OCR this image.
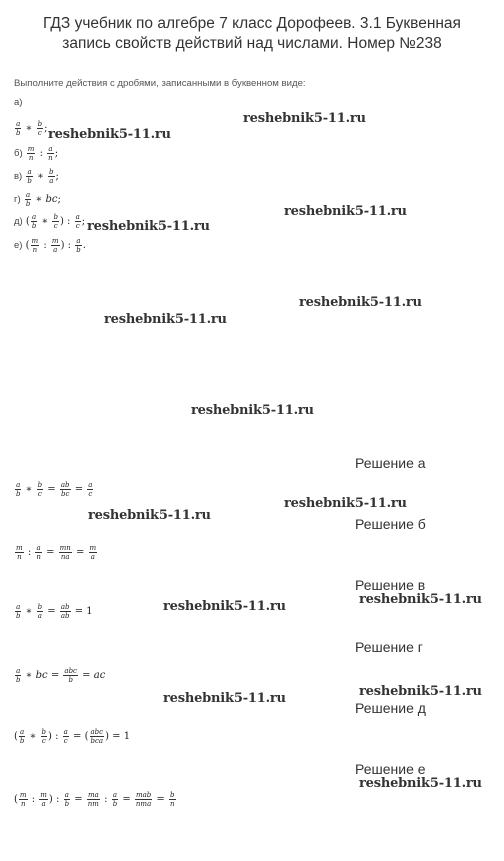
ГДЗ учебник по алгебре 7 класс Дорофеев. 3.1 Буквенная
запись свойств действий над числами. Номер №238
Выполните действия с дробями, записанными в буквенном виде:
а)
$\frac{a}{b}$ ∗ $\frac{b}{c}$ ;
$б) \frac{m}{n}$ : $\frac{a}{n}$ ;
$в) \frac{a}{b}$ ∗ $\frac{b}{a}$ ;
$г) \frac{a}{b}$ ∗ bc;
д) ( $\frac{a}{b}$ ∗ $\frac{b}{c}$ ) : $\frac{a}{c}$ ;
е) ( $\frac{m}{n}$ : $\frac{m}{a}$ ) : $\frac{a}{b}$ .
Решение а
Решение б
Решение в
Решение г
Решение д
Решение е
$\frac{a}{b}$ ∗ $\frac{b}{c} = \frac{ab}{bc} = \frac{a}{c}$
$\frac{m}{n}$ : $\frac{a}{n} = \frac{mn}{na} = \frac{m}{a}$
$\frac{a}{b}$ ∗ $\frac{b}{a} = \frac{ab}{ab} = 1$
$\frac{a}{b}$ ∗ bc = abc
b = ac
( $\frac{a}{b}$ ∗ $\frac{b}{c}$ ) : $\frac{a}{c}$ = ( abc
bca ) = 1
( $\frac{m}{n}$ : $\frac{m}{a}$ ) : $\frac{a}{b} = \frac{ma}{nm}$ : $\frac{a}{b}$ = mab
nma = $\frac{b}{n}$
reshebnik5-11.ru
reshebnik5-11.ru
reshebnik5-11.ru
reshebnik5-11.ru
reshebnik5-11.ru
reshebnik5-11.ru
reshebnik5-11.ru
reshebnik5-11.ru
reshebnik5-11.ru
reshebnik5-11.ru
reshebnik5-11.ru
reshebnik5-11.ru
reshebnik5-11.ru
reshebnik5-11.ru
